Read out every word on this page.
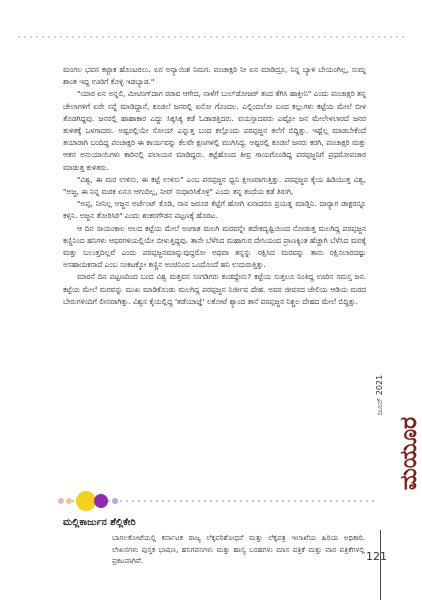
ಮಂಗಲ ಭವನ ಕಟ್ಟಾಕ ಹೊಂಟರಲು. ಏನ ಅನ್ಯಾಯಿಶ ನಿಮಗ. ಪಂಚಾಕ್ಷರಿ ನೀ ಏನ ಮಾಡಿದ್ರೂ, ನಿನ್ನ ಬ್ಯಾಳಿ ಬೇಯಂಗಿಲ್ಲ, ಸುಮ್ನ ಶಾಂತ ಇದ್ದ ಊರಿಗೆ ಕೊಳ್ಳಿ ಇಡಬ್ಯಾಡ."

"ಯಾರ ಏನ ಅನ್ನಲಿ, ಮೀಟಿಂಗ್‌ದಾಗ ಠರಾವ ಆಗೇದ, ನಾಳೆಗೆ ಬುಲ್‌ಡೋಜರ್ ತಂದ ತೆಗಿಸಿ ಹಾಕ್ತೀನಿ" ಎಂದು ಪಂಚಾಕ್ಷರಿ ತನ್ನ ಚೇಲಾಗಳಿಗೆ ಏರೇ ಸನ್ನೆ ಮಾಡಿದ್ದಾನೆ, ಕೂಡಲೆ ಜನರಲ್ಲಿ ಏನೋ ಗೊಂದಲ. ಎಲ್ಲಿಂದಲೋ ಬಂದ ಕಲ್ಲುಗಳು ಕಟ್ಟೆಯ ಮೇಲೆ ಬೀಳ ತೊಡಗಿದ್ದವು. ಜನರಲ್ಲಿ ಹಾಹಾಕಾರ ಎದ್ದು ಸಿಕ್ಕಸಿಕ್ಕ ಕಡೆ ಓಡಾಡತ್ತಿದರು. ವಯಸ್ಸಾದವರು ಎಷ್ಟೋ ಜನ ಮೇಲೇಳಲಾರದೆ ಜನರ ತುಳಿತಕ್ಕೆ ಒಳಗಾದರು. ಅಷ್ಟರಲ್ಲಿಯೇ ಸೋಯ್ ಎನ್ನುತ್ತ ಬಂದ ಕಲ್ಲೊಂದು ಪರಪ್ಪಜ್ಜನ ತಲೆಗೆ ಬಿದ್ದಿತ್ತು. ಇಷ್ಟೆಲ್ಲ ಮಾಡಬೇಕೆಂದೆ ತಯಾರಾಗಿ ಬಂದಿದ್ದ ಪಂಚಾಕ್ಷರಿ ಈ ಕಾರ್ಯವನ್ನು ಕೆಲವೇ ಕ್ಷಣಗಳಲ್ಲಿ ಮುಗಿಸಿದ್ದ. ಅಷ್ಟರಲ್ಲಿ ಕೂಡಲೆ ಜನರು ಕರಗಿ, ಪಂಚಾಕ್ಷರಿ ಮತ್ತು ಆತನ ಅನುಯಾಯಿಗಳು ಕಾರಿನಲ್ಲಿ ಪಲಾಯನ ಮಾಡಿದ್ದರು. ಕಟ್ಟೆಹೊಂದ ತೀವ್ರ ಗಾಯಗೊಂಡಿದ್ದ ಪರಪ್ಪಜ್ಜನಿಗೆ ಪ್ರಥಮೋಪಚಾರ ಮಾಡುತ್ತ ಕುಳಿತರು.

"ವಿಶ್ವ, ಈ ಮರ ಉಳಿಸು, ಈ ಕಟ್ಟೆ ಉಳಿಸು" ಎಂಬ ಪರಪ್ಪಜ್ಜನ ಧ್ವನಿ ಕ್ಷೀಣವಾಗುತ್ತಿತ್ತು. ಪರಪ್ಪಜ್ಜನ ಕೈಯ ಹಿಡಿಯುತ್ತ ವಿಶ್ವ, "ಅಜ್ಜ, ಈ ನಿನ್ನ ಮರಕ ಏನೂ ಆಗುದಿಲ್ಲ, ನೀವ್ ಸುಧಾರಿಸಿಕೊಳ್ರಿ" ಎಂದು ತನ್ನ ತಂದೆಯ ಕಡೆ ತಿರುಗಿ,

"ಅಪ್ಪ, ನೀನಿಲ್ಲ ಅಜ್ಜನ ಅರ್ಜೆಂಟ್ ಕೊಡಿ, ನಾನ ಜರೂರ ಕೆಟ್ಟೆಗೆ ಹೋಗಿ ಏನಾದರೂ ಪ್ರಯತ್ನ ಮಾಡ್ತಿನಿ. ದಾರ‍್ಯಾಗ ಡಾಕ್ಟರನ್ನೂ ಕಳ್ಸಿನಿ. ಅಜ್ಜನ ತೋರಿಸಿರಿ" ಎಂದು ಶಂಕರಗೌಡನ ಪಟ್ಟಣಕ್ಕೆ ಹೊರಟ.

ಆ ದಿನ ಸಾಯಂಕಾಲ ಅಲದ ಕಟ್ಟೆಯ ಮೇಲೆ ಅಂಗಾತ ಮಲಗಿ ಮರವನ್ನೇ ತದೇಕದೃಷ್ಟಿಯಿಂದ ನೋಡುತ್ತ ಮಲಗಿದ್ದ ಪರಪ್ಪಜ್ಜನ ಕಣ್ಣಿನಿಂದ ಹನಿಗಳು ಆಧರಗಳಿಯಲ್ಲಿಯೇ ಬೀಳುತ್ತಿದ್ದವು. ತಾನೇ ಬೆಳೆಸಿದ ಮಹಾಗುರ ದೇಸಿಯಂದ ಪ್ರಾಣಕ್ಕಿಂತ ಹೆಚ್ಚಾಗಿ ಬೆಳೆಸಿದ ಮರಕ್ಕೆ ಮತ್ತು ಬಲುತ್ತದಿಲ್ಲವೆ ಎಂದು ಪರಪ್ಪಜ್ಜನಮಾನ್ನುವುದ್ದರೋ ಅಥವಾ ತನ್ನನ್ನು ರಕ್ಷಿಸಿದ ಮರವನ್ನು ತಾನು ರಕ್ಷಿಸಲಾರದಷ್ಟು ಅಸಹಾಯಕನಾದೆ ಎಂಬ ಸಂಕಟಕ್ಕೋ ಕಣ್ಣಿನ ಅಂಚಿನಿಂದ ಒಂದೊಂದೆ ಹನಿ ಉದುರುತ್ತಿತ್ತು.

ಮಾರನೆ ದಿನ ಪಟ್ಟಣದಿಂದ ಬಂದ ವಿಶ್ವ ಮತ್ತವನ ಸಂಗಡಿಗರು ಕಂಡದ್ದೇನು? ಕಟ್ಟೆಯ ಸುತ್ತಲೂ ನಿಂತಿದ್ದ ಊರಿನ ಸಮಸ್ತ ಜನ. ಕಟ್ಟೆಯ ಮೇಲೆ ಮರವನ್ನು ಮುಖ ಮಾಡಿಕೊಂಡು ಮಲಗಿದ್ದ ಪರಪ್ಪಜ್ಜನ ನಿರ್ಜೀವ ದೇಹ. ಅವರ ಜೀವನದ ಜೇಲಿಯ ಆಡಿಯ ಮರದ ಬೇರುಗಳಿಂದಿಗೆ ಲೀನವಾಗಿತ್ತು. ವಿಶ್ವನ ಕೈಯಲ್ಲಿದ್ದ 'ತಡೆಯಾಜ್ಞೆ' ಲಕೋಟೆ ಶ್ಯಾಂದ ತಾನೆ ಪರಪ್ಪಜ್ಜನ ನಿಶ್ಚಲ ದೇಹದ ಮೇಲೆ ಬಿದ್ದಿತ್ತು.

ಜೂನ್ 2021
ಮಯೂರ
ಮಲ್ಲಿಕಾರ್ಜುನ ಶೆಲ್ಲಿಕೇರಿ
ಬಾಗಲಕೋಟೆಯಲ್ಲಿ ಕರ್ನಾಟಕ ರಾಜ್ಯ ಲೆಕ್ಕಪರಿಶೋಧನೆ ಮತ್ತು ಲೆಕ್ಕಪತ್ರ ಇಲಾಖೆಯ ಹಿರಿಯ ಅಧಿಕಾರಿ. ಲೇಖನಗಳು ಪುಸ್ತಕ ಭಾಷಣ, ಹನಿಗವನಗಳು ಮತ್ತು ಹಾಸ್ಯ ಬರಹಗಳು ಮಾಸ ಪತ್ರಿಕೆ ಮತ್ತು ವಾರ ಪತ್ರಿಕೆಗಳಲ್ಲಿ ಪ್ರಕಟವಾಗಿವೆ.	121
